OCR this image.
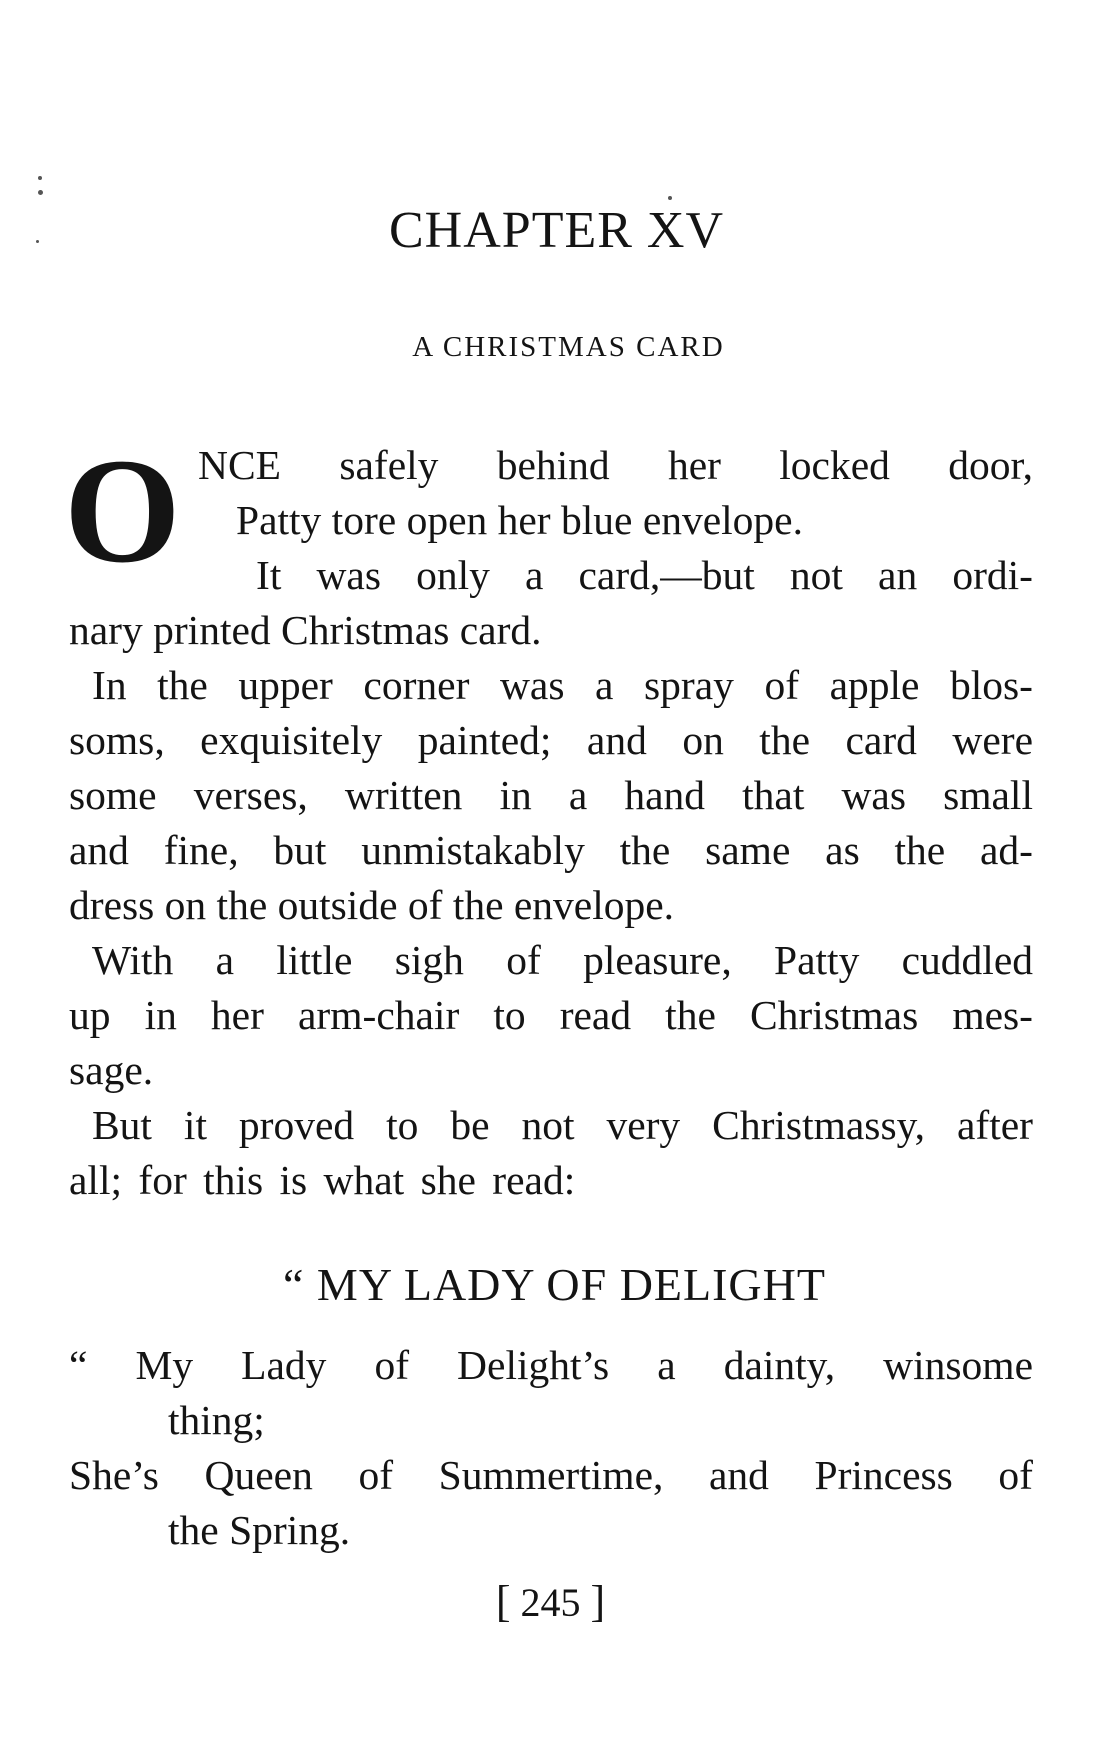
CHAPTER XV
A CHRISTMAS CARD
O NCE safely behind her locked door,
Patty tore open her blue envelope.
It was only a card,—but not an ordi-
nary printed Christmas card.
In the upper corner was a spray of apple blos-
soms, exquisitely painted; and on the card were
some verses, written in a hand that was small
and fine, but unmistakably the same as the ad-
dress on the outside of the envelope.
With a little sigh of pleasure, Patty cuddled
up in her arm-chair to read the Christmas mes-
sage.
But it proved to be not very Christmassy, after
all; for this is what she read:
“ MY LADY OF DELIGHT
“ My Lady of Delight’s a dainty, winsome
thing;
She’s Queen of Summertime, and Princess of
the Spring.
[ 245 ]
